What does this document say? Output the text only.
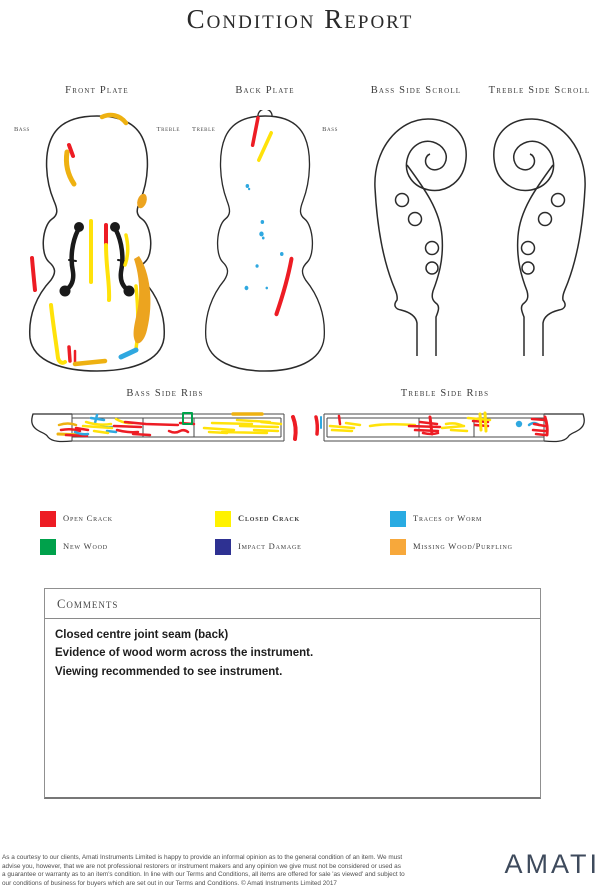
Condition Report
Front Plate	Back Plate	Bass Side Scroll	Treble Side Scroll
Bass	Treble Treble	Bass
Bass Side Ribs	Treble Side Ribs
Open Crack	Closed Crack	Traces of Worm
New Wood	Impact Damage	Missing Wood/Purfling
Comments
Closed centre joint seam (back)
Evidence of wood worm across the instrument.
Viewing recommended to see instrument.
As a courtesy to our clients, Amati Instruments Limited is happy to provide an informal opinion as to the general condition of an item. We must
advise you, however, that we are not professional restorers or instrument makers and any opinion we give must not be considered or used as
a guarantee or warranty as to an item's condition. In line with our Terms and Conditions, all items are offered for sale 'as viewed' and subject to
our conditions of business for buyers which are set out in our Terms and Conditions. © Amati Instruments Limited 2017
AMATI
